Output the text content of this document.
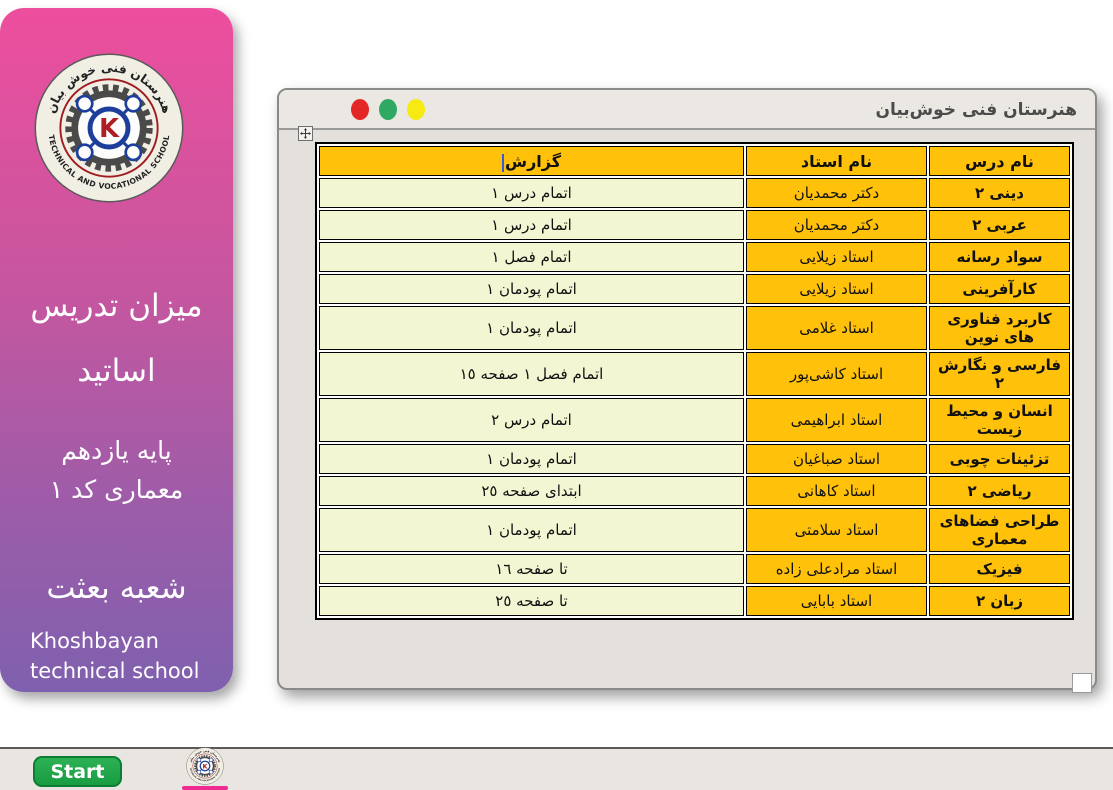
هنرستان فنی خوش بیان
TECHNICAL AND VOCATIONAL SCHOOL
K
میزان تدریس
اساتید
پایه یازدهم
معماری کد ١
شعبه بعثت
Khoshbayan
technical school
هنرستان فنی خوش‌بیان
نام درس	نام استاد	گزارش
دینی ٢	دکتر محمدیان	اتمام درس ١
عربی ٢	دکتر محمدیان	اتمام درس ١
سواد رسانه	استاد زیلایی	اتمام فصل ١
کارآفرینی	استاد زیلایی	اتمام پودمان ١
کاربرد فناوری های نوین	استاد غلامی	اتمام پودمان ١
فارسی و نگارش ٢	استاد کاشی‌پور	اتمام فصل ١ صفحه ١٥
انسان و محیط زیست	استاد ابراهیمی	اتمام درس ٢
تزئینات چوبی	استاد صباغیان	اتمام پودمان ١
ریاضی ٢	استاد کاهانی	ابتدای صفحه ٢٥
طراحی فضاهای معماری	استاد سلامتی	اتمام پودمان ١
فیزیک	استاد مرادعلی زاده	تا صفحه ١٦
زبان ٢	استاد بابایی	تا صفحه ٢٥
Start	هنرستان فنی خوش بیان
TECHNICAL AND VOCATIONAL SCHOOL
K
